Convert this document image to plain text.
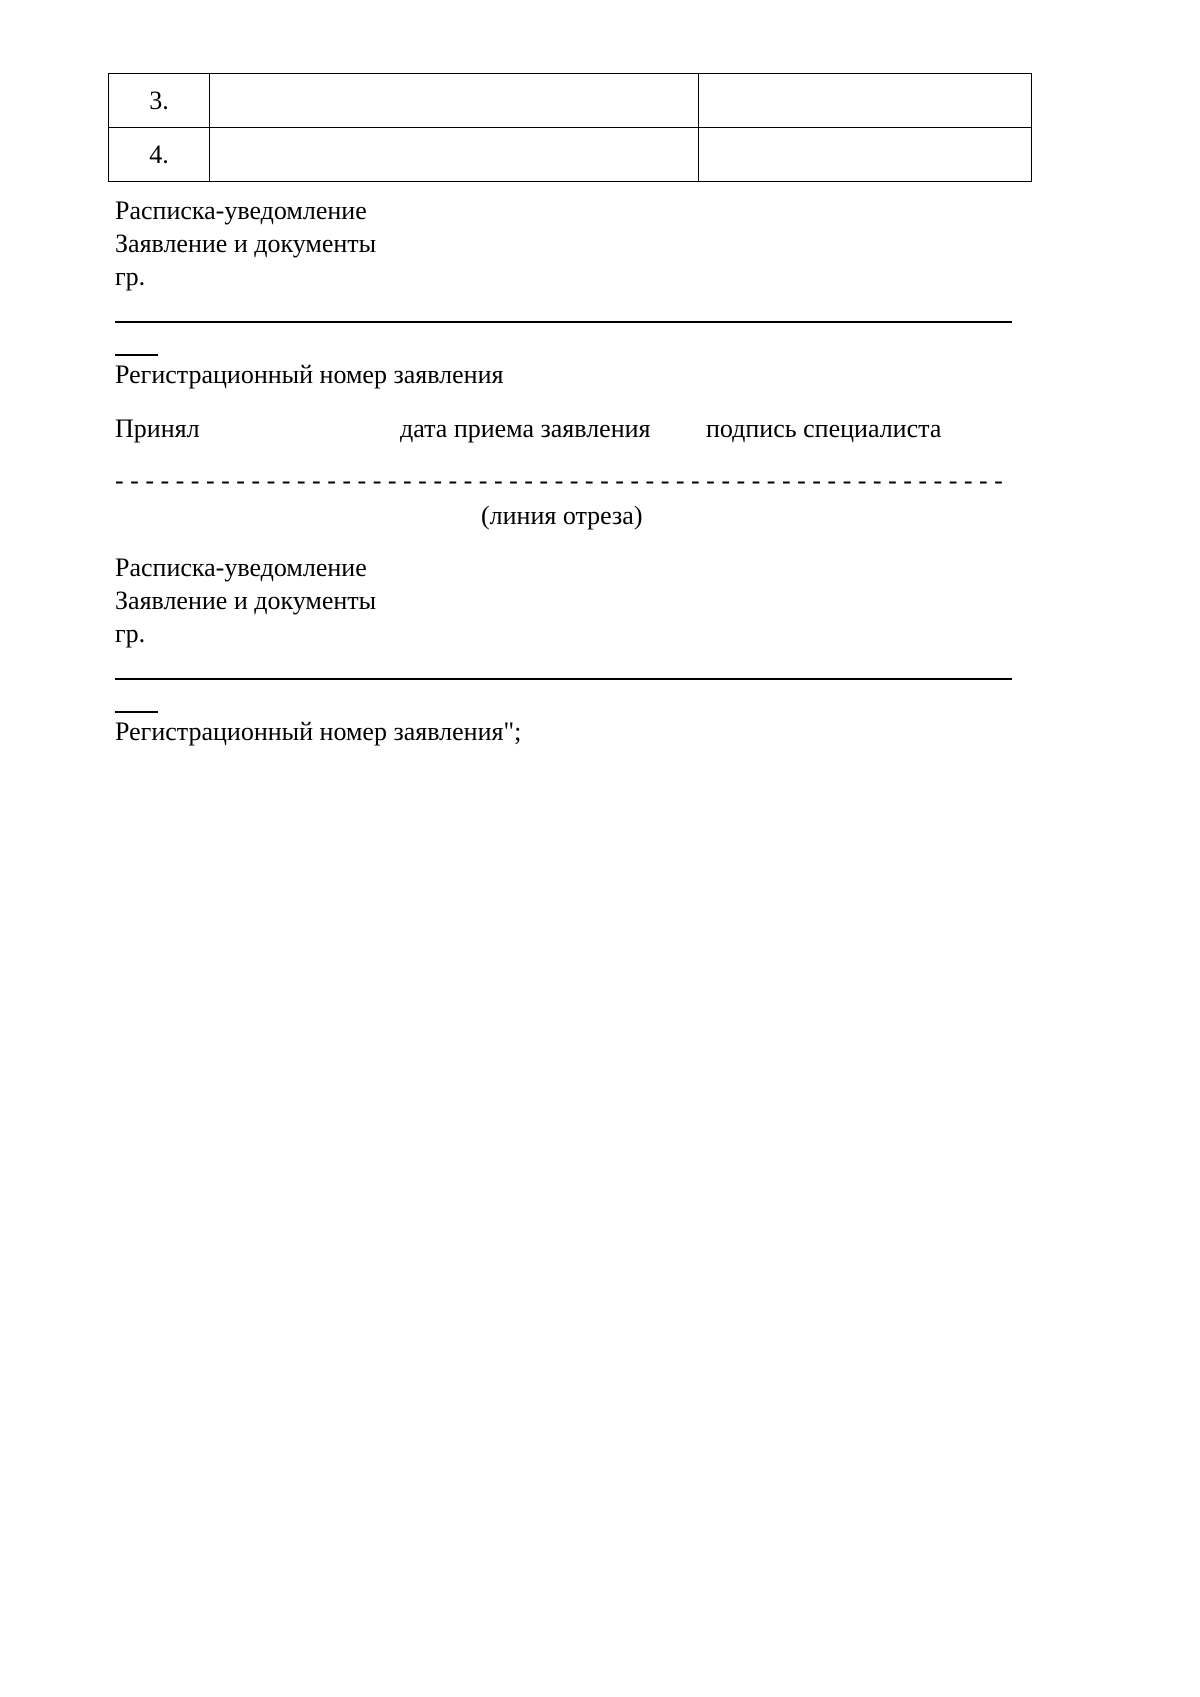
3.		
4.		
Расписка-уведомление
Заявление и документы
гр.
Регистрационный номер заявления
Принял	дата приема заявления подпись специалиста
- - - - - - - - - - - - - - - - - - - - - - - - - - - - - - - - - - - - - - - - - - - - - - - - - - - - - - - - - - -
(линия отреза)
Расписка-уведомление
Заявление и документы
гр.
Регистрационный номер заявления";
